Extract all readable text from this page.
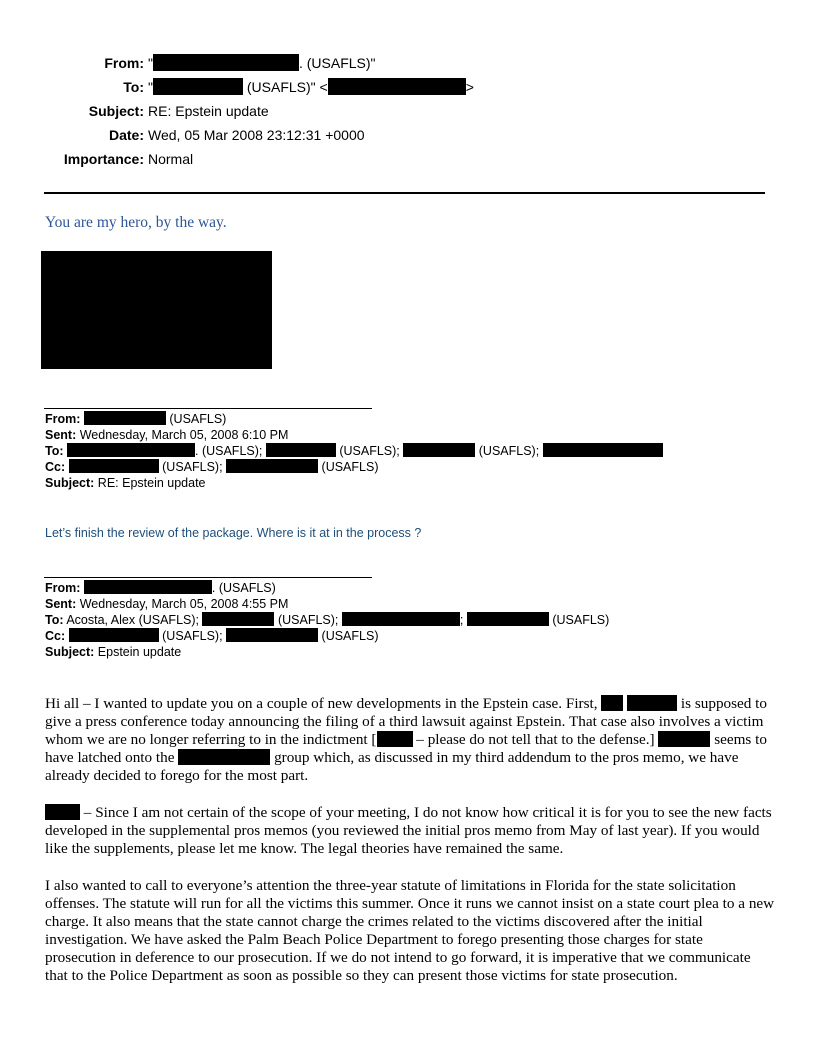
From: "	. (USAFLS)"
To: "	(USAFLS)" <	>
Subject: RE: Epstein update
Date: Wed, 05 Mar 2008 23:12:31 +0000
Importance: Normal
You are my hero, by the way.
From:	(USAFLS)
Sent: Wednesday, March 05, 2008 6:10 PM
To:	. (USAFLS);	(USAFLS);	(USAFLS);
Cc:	(USAFLS);	(USAFLS)
Subject: RE: Epstein update
Let’s finish the review of the package. Where is it at in the process ?
From:	. (USAFLS)
Sent: Wednesday, March 05, 2008 4:55 PM
To: Acosta, Alex (USAFLS);	(USAFLS);	;	(USAFLS)
Cc:	(USAFLS);	(USAFLS)
Subject: Epstein update

Hi all – I wanted to update you on a couple of new developments in the Epstein case. First,	is supposed to give a press conference today announcing the filing of a third lawsuit against Epstein. That case also involves a victim whom we are no longer referring to in the indictment [	– please do not tell that to the defense.]	seems to have latched onto the	group which, as discussed in my third addendum to the pros memo, we have already decided to forego for the most part.

– Since I am not certain of the scope of your meeting, I do not know how critical it is for you to see the new facts developed in the supplemental pros memos (you reviewed the initial pros memo from May of last year). If you would like the supplements, please let me know. The legal theories have remained the same.

I also wanted to call to everyone’s attention the three-year statute of limitations in Florida for the state solicitation offenses. The statute will run for all the victims this summer. Once it runs we cannot insist on a state court plea to a new charge. It also means that the state cannot charge the crimes related to the victims discovered after the initial investigation. We have asked the Palm Beach Police Department to forego presenting those charges for state prosecution in deference to our prosecution. If we do not intend to go forward, it is imperative that we communicate that to the Police Department as soon as possible so they can present those victims for state prosecution.
